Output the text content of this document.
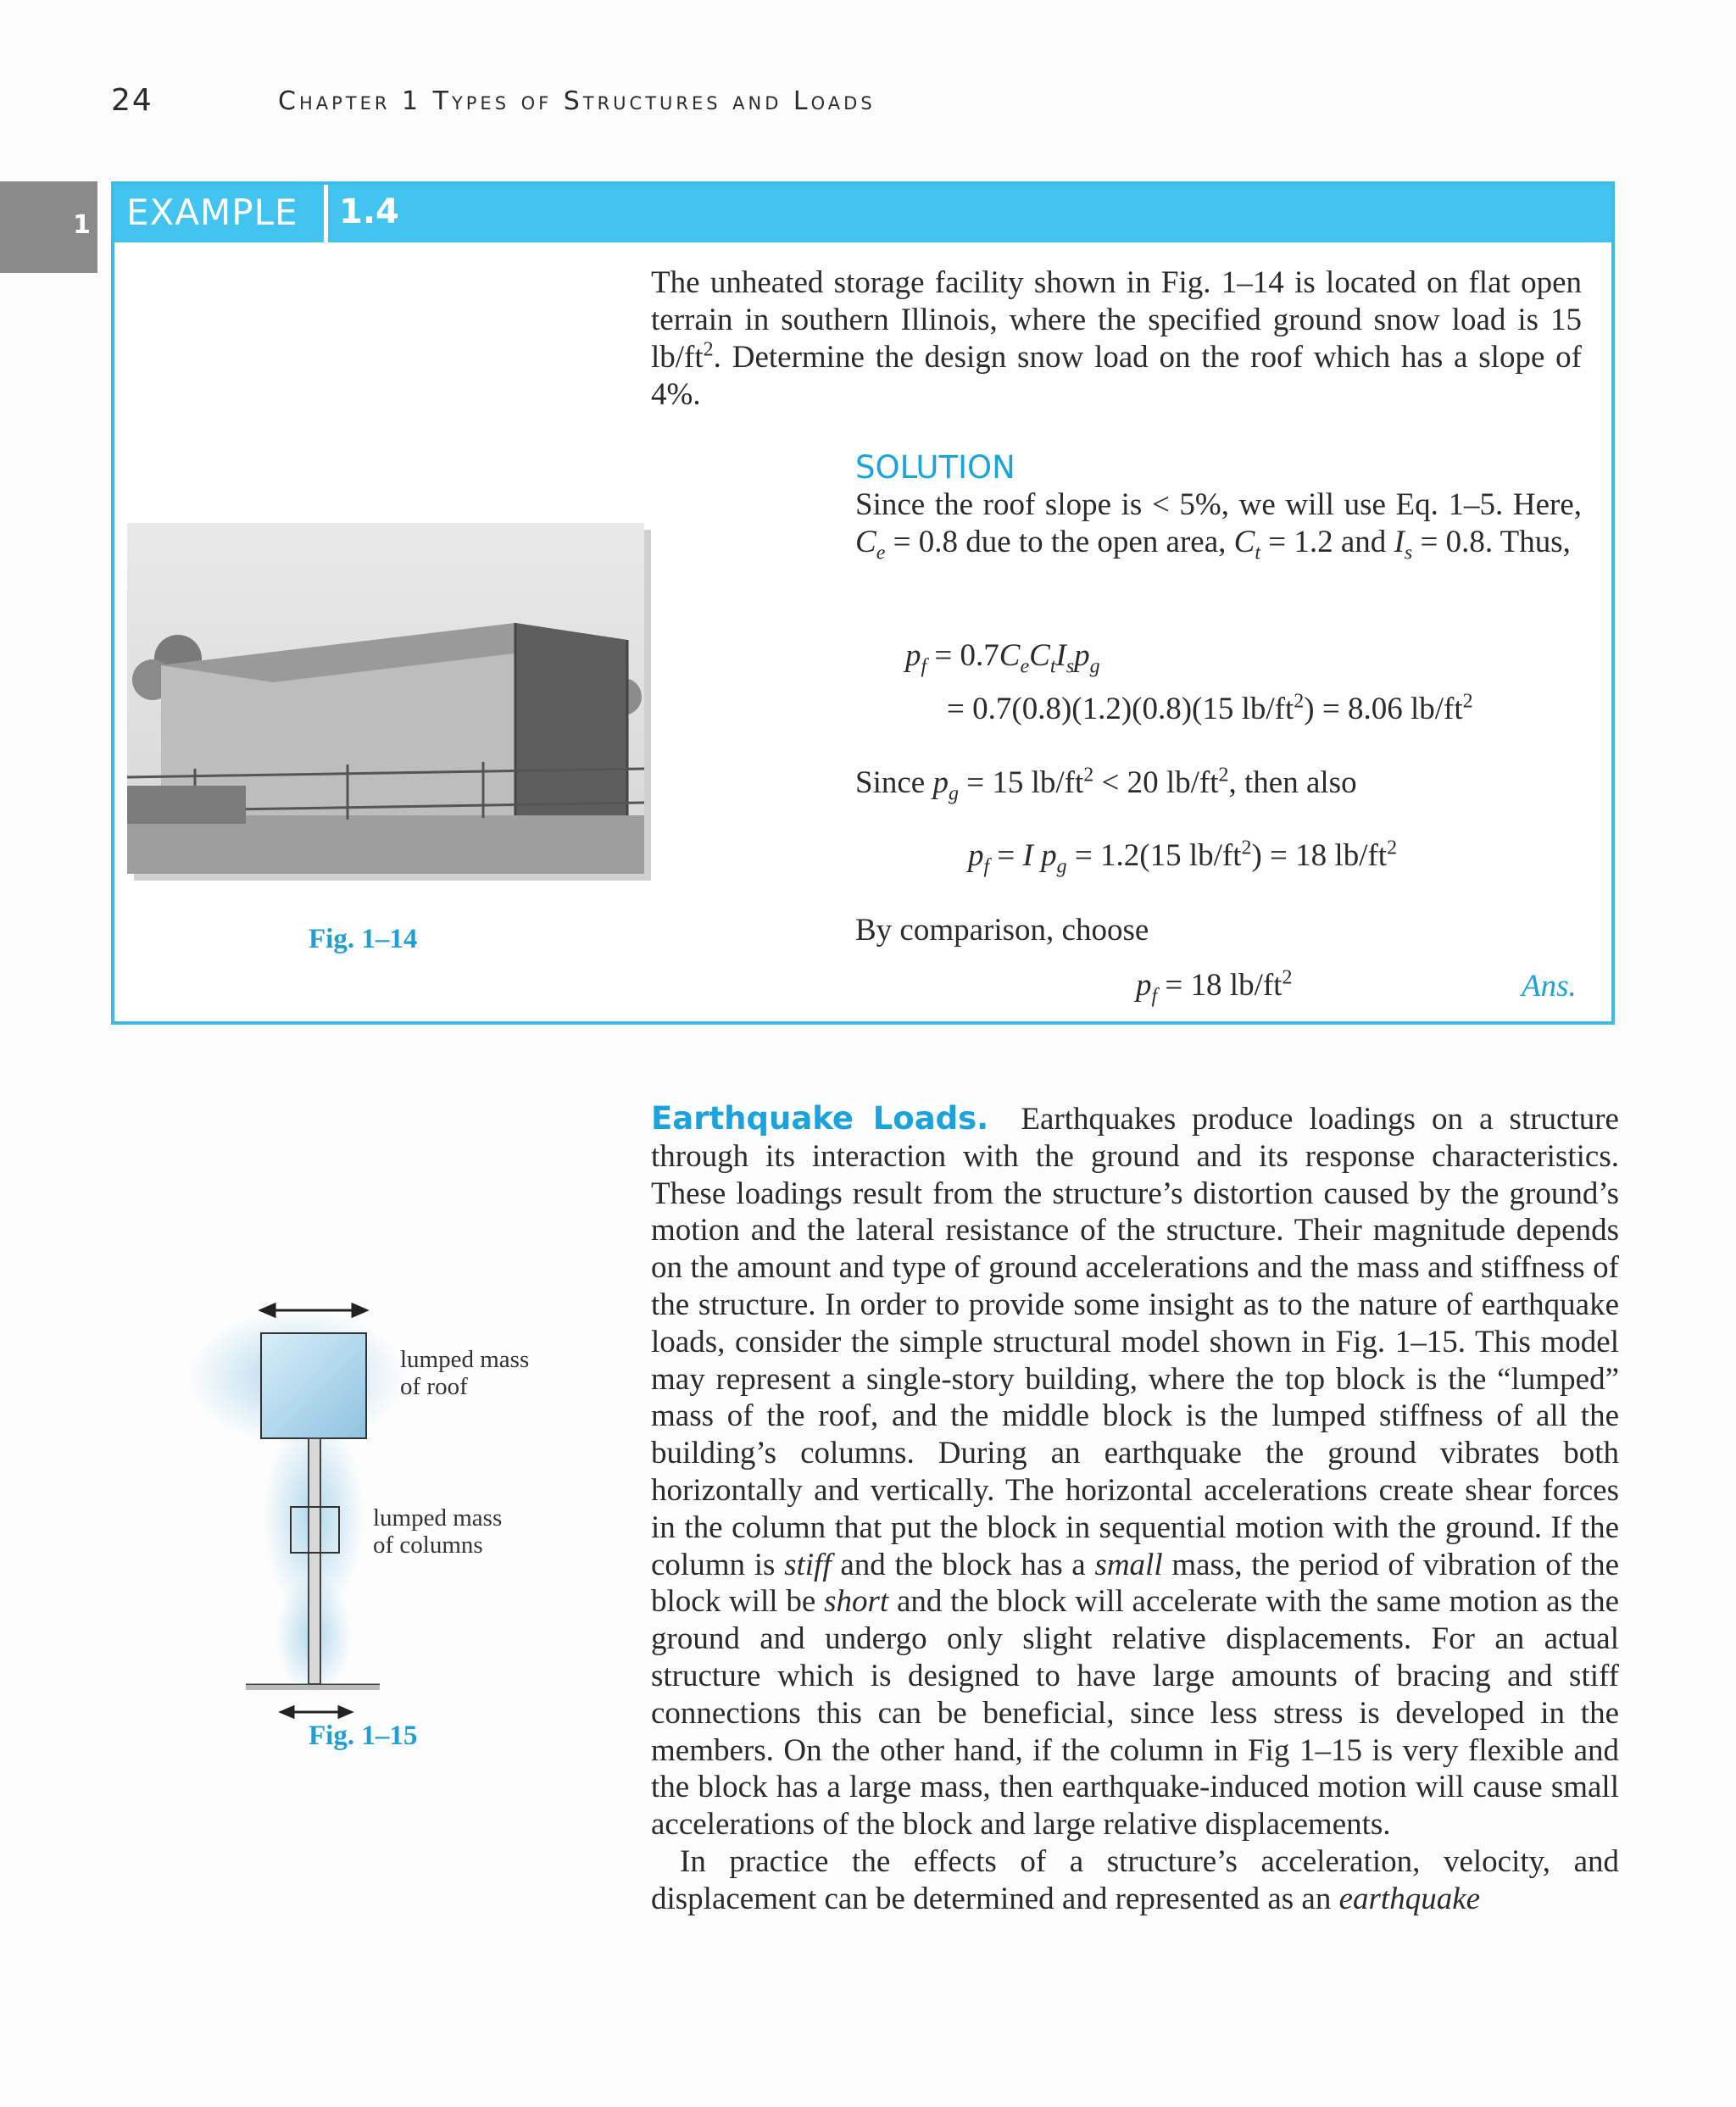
24	Chapter 1 Types of Structures and Loads
1 EXAMPLE 1.4
The unheated storage facility shown in Fig. 1–14 is located on flat open terrain in southern Illinois, where the specified ground snow load is 15 $lb/ft^2$. Determine the design snow load on the roof which has a slope of 4%.
SOLUTION
Since the roof slope is < 5%, we will use Eq. 1–5. Here, $C_e = 0.8$ due to the open area, $C_t = 1.2$ and $I_s = 0.8$. Thus,
$p_f = 0.7C_eC_tI_sp_g$
= 0.7(0.8)(1.2)(0.8)(15 $lb/ft^2) = 8.06$ $lb/ft^2$
Since $p_g = 15$ $lb/ft^2 < 20$ $lb/ft^2$, then also
$p_f = I$ $p_g = 1.2(15$ $lb/ft^2) = 18$ $lb/ft^2$
By comparison, choose
$p_f = 18$ $lb/ft^2$	Ans.
Fig. 1–14

Earthquake Loads.  Earthquakes produce loadings on a structure through its interaction with the ground and its response characteristics. These loadings result from the structure’s distortion caused by the ground’s motion and the lateral resistance of the structure. Their magnitude depends on the amount and type of ground accelerations and the mass and stiffness of the structure. In order to provide some insight as to the nature of earthquake loads, consider the simple structural model shown in Fig. 1–15. This model may represent a single-story building, where the top block is the “lumped” mass of the roof, and the middle block is the lumped stiffness of all the building’s columns. During an earthquake the ground vibrates both horizontally and vertically. The horizontal accelerations create shear forces in the column that put the block in sequential motion with the ground. If the column is stiff and the block has a small mass, the period of vibration of the block will be short and the block will accelerate with the same motion as the ground and undergo only slight relative displacements. For an actual structure which is designed to have large amounts of bracing and stiff connections this can be beneficial, since less stress is developed in the members. On the other hand, if the column in Fig 1–15 is very flexible and the block has a large mass, then earthquake-induced motion will cause small accelerations of the block and large relative displacements.

In practice the effects of a structure’s acceleration, velocity, and displacement can be determined and represented as an earthquake

lumped mass
of roof
lumped mass
of columns
Fig. 1–15
